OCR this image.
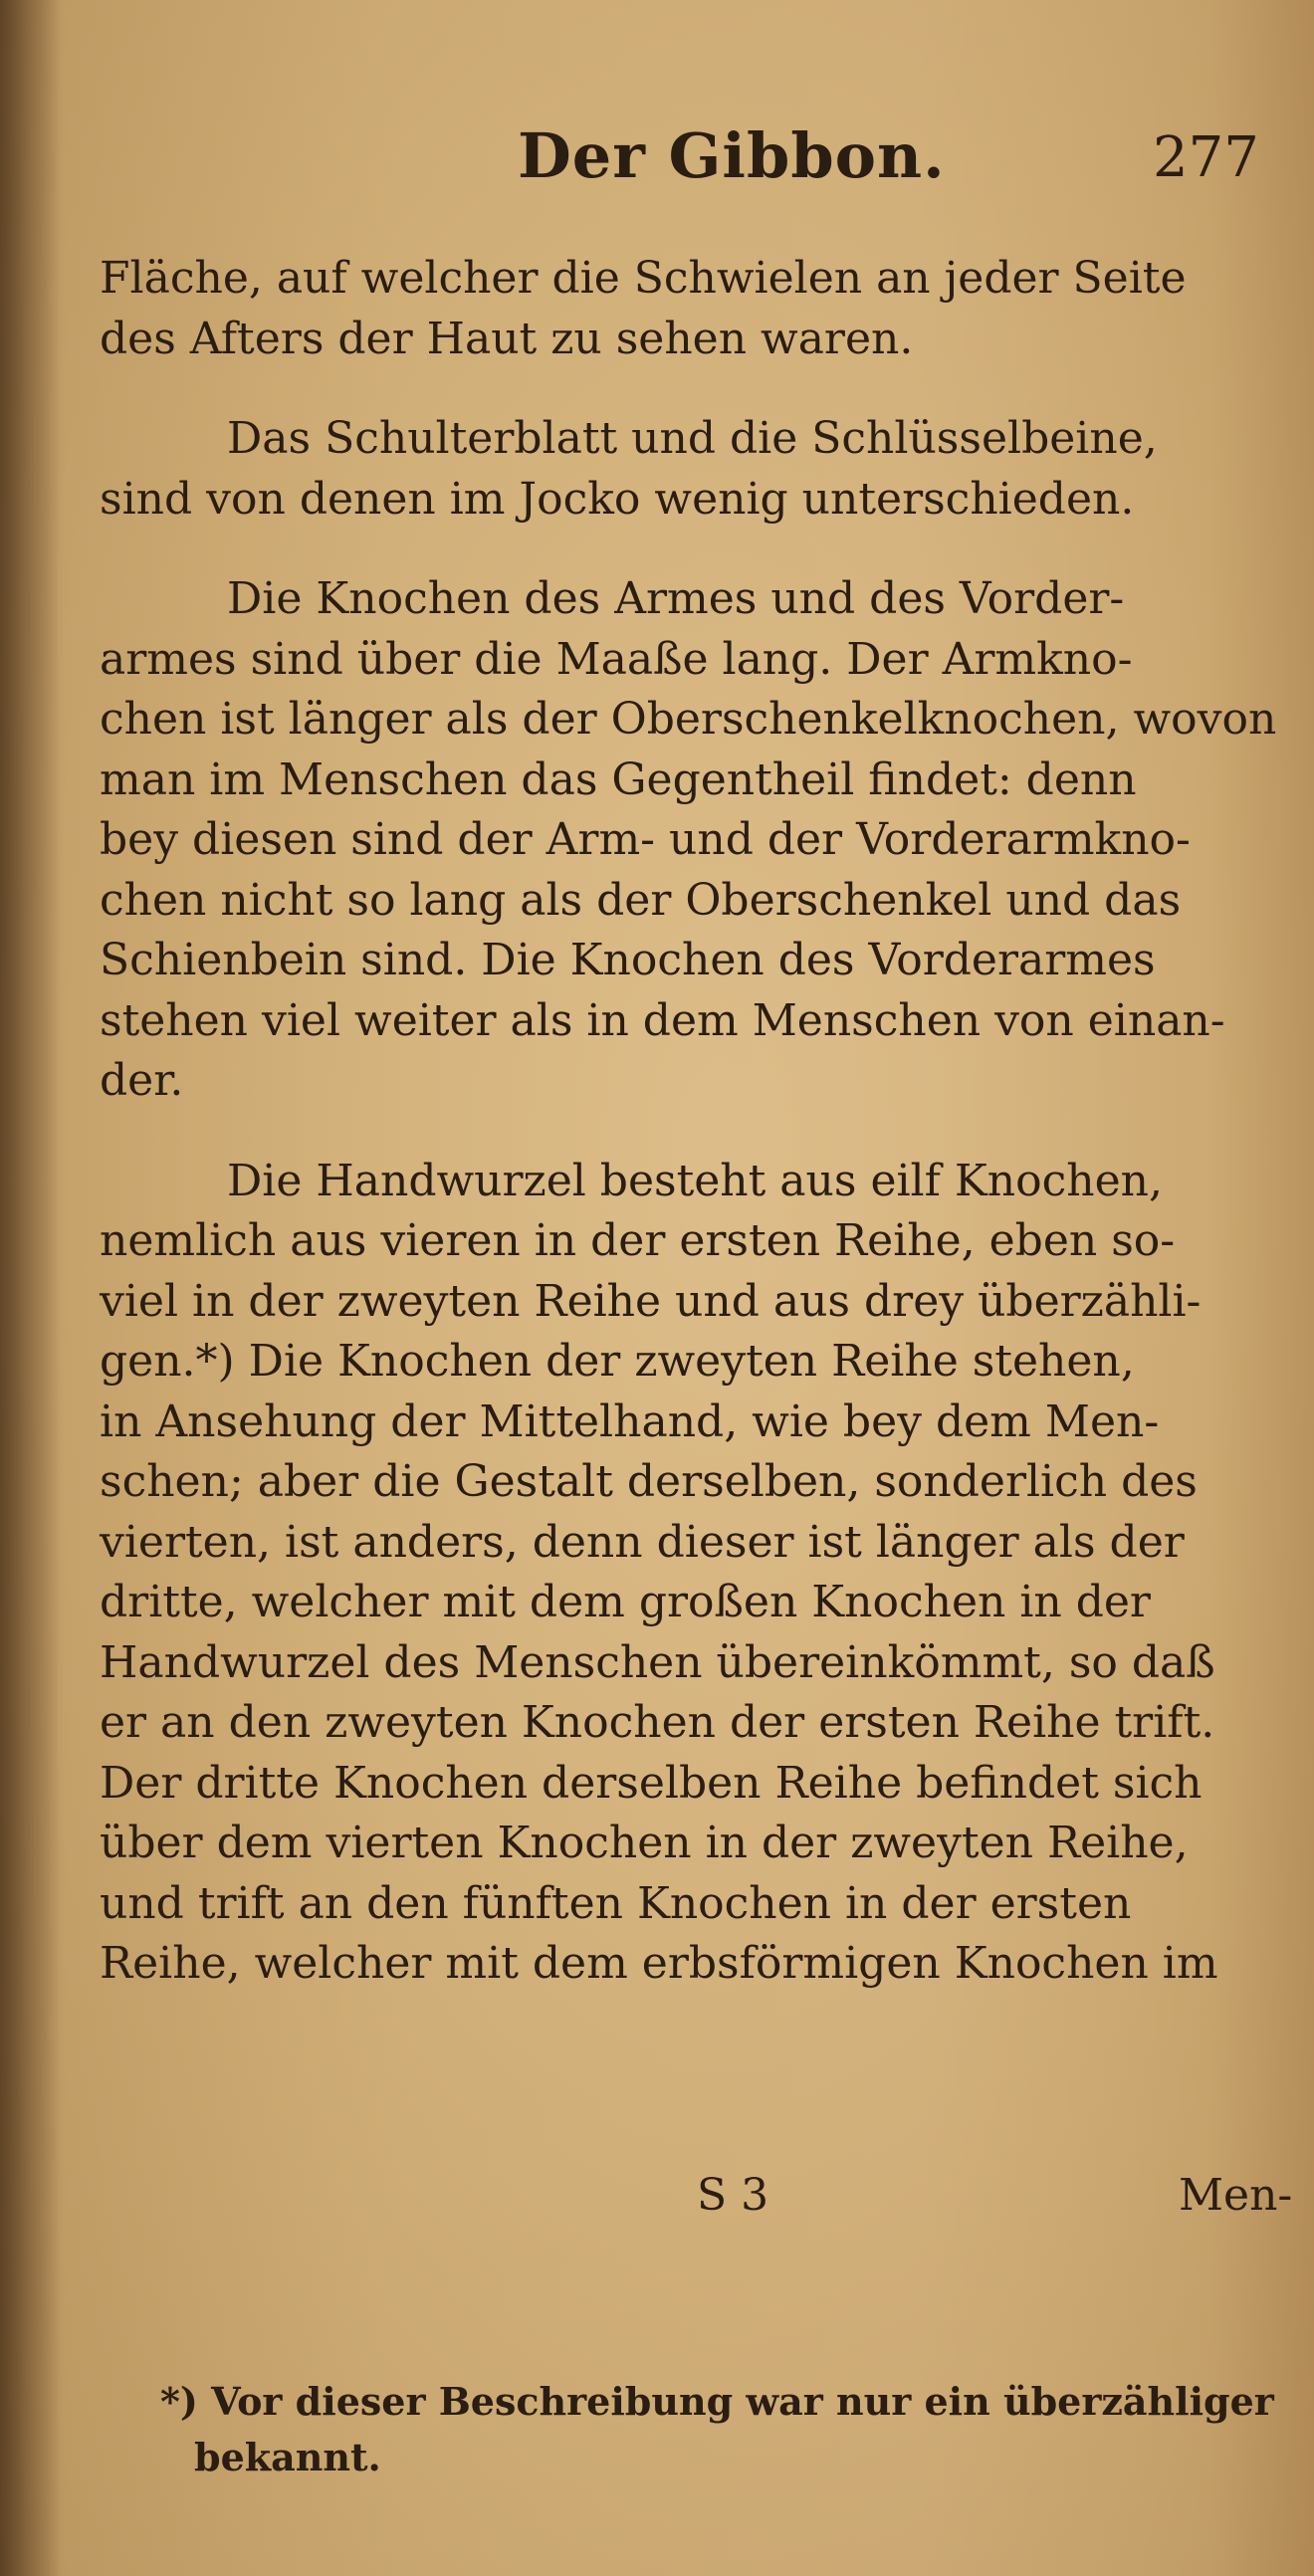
Der Gibbon.	277

Fläche, auf welcher die Schwielen an jeder Seite
des Afters der Haut zu sehen waren.

Das Schulterblatt und die Schlüsselbeine,
sind von denen im Jocko wenig unterschieden.

Die Knochen des Armes und des Vorder-
armes sind über die Maaße lang. Der Armkno-
chen ist länger als der Oberschenkelknochen, wovon
man im Menschen das Gegentheil findet: denn
bey diesen sind der Arm- und der Vorderarmkno-
chen nicht so lang als der Oberschenkel und das
Schienbein sind. Die Knochen des Vorderarmes
stehen viel weiter als in dem Menschen von einan-
der.

Die Handwurzel besteht aus eilf Knochen,
nemlich aus vieren in der ersten Reihe, eben so-
viel in der zweyten Reihe und aus drey überzähli-
gen.*) Die Knochen der zweyten Reihe stehen,
in Ansehung der Mittelhand, wie bey dem Men-
schen; aber die Gestalt derselben, sonderlich des
vierten, ist anders, denn dieser ist länger als der
dritte, welcher mit dem großen Knochen in der
Handwurzel des Menschen übereinkömmt, so daß
er an den zweyten Knochen der ersten Reihe trift.
Der dritte Knochen derselben Reihe befindet sich
über dem vierten Knochen in der zweyten Reihe,
und trift an den fünften Knochen in der ersten
Reihe, welcher mit dem erbsförmigen Knochen im

S 3	Men-
*) Vor dieser Beschreibung war nur ein überzähliger
bekannt.
